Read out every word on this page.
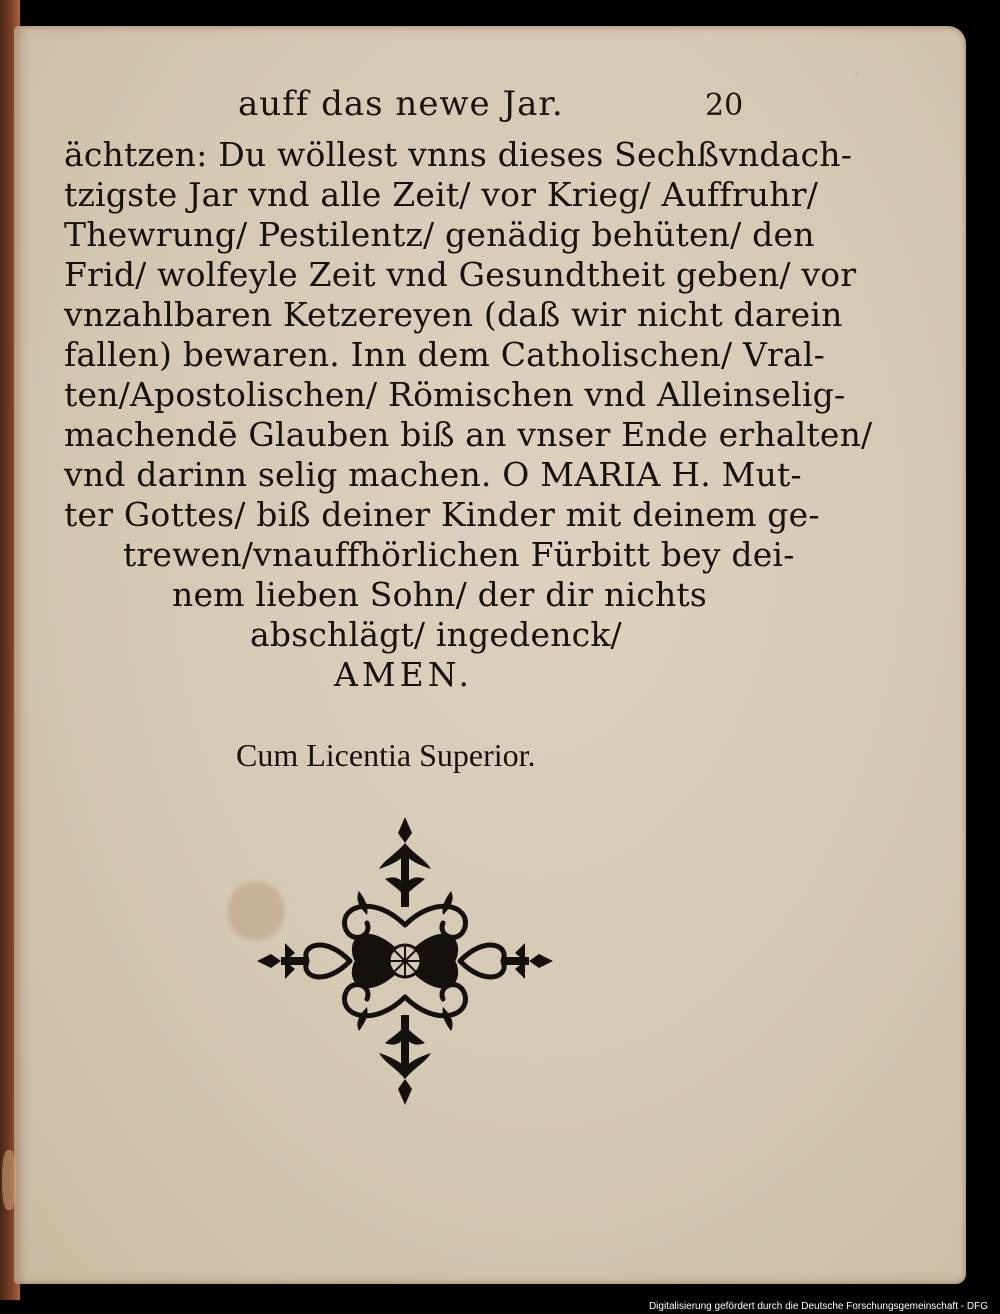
auff das newe Jar.	20
ächtzen: Du wöllest vnns dieses Sechßvndach-
tzigste Jar vnd alle Zeit/ vor Krieg/ Auffruhr/
Thewrung/ Pestilentz/ genädig behüten/ den
Frid/ wolfeyle Zeit vnd Gesundtheit geben/ vor
vnzahlbaren Ketzereyen (daß wir nicht darein
fallen) bewaren. Inn dem Catholischen/ Vral-
ten/Apostolischen/ Römischen vnd Alleinselig-
machendē Glauben biß an vnser Ende erhalten/
vnd darinn selig machen. O MARIA H. Mut-
ter Gottes/ biß deiner Kinder mit deinem ge-
trewen/vnauffhörlichen Fürbitt bey dei-
nem lieben Sohn/ der dir nichts
abschlägt/ ingedenck/
AMEN.
Cum Licentia Superior.
Digitalisierung gefördert durch die Deutsche Forschungsgemeinschaft - DFG
